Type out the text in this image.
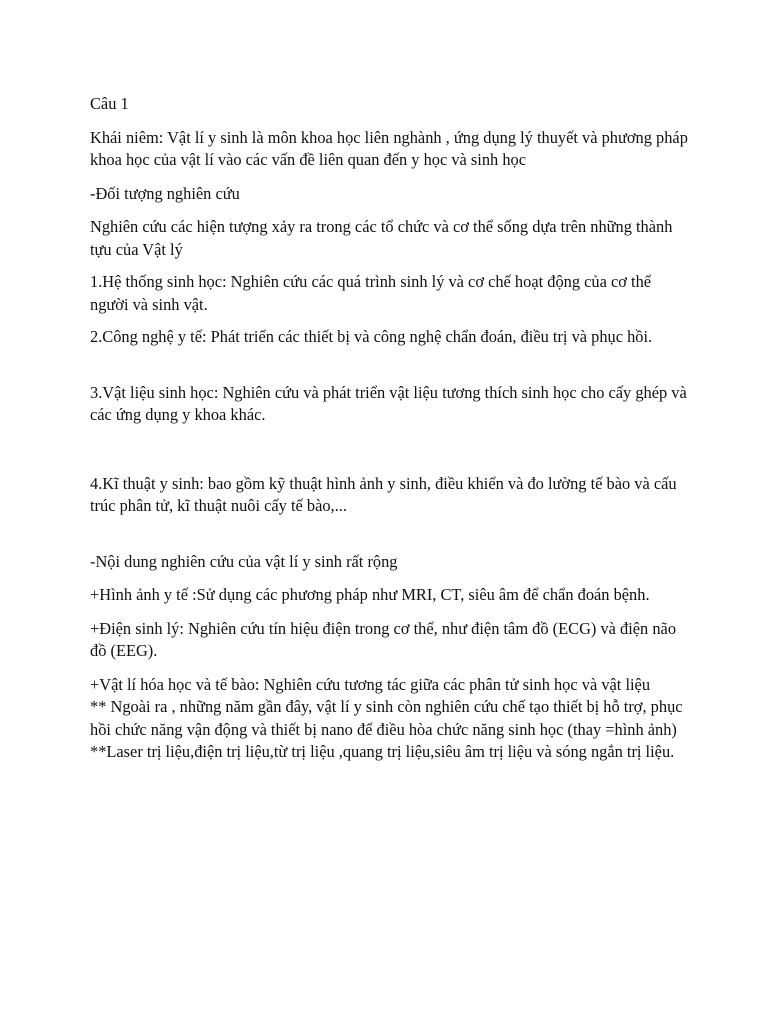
Câu 1

Khái niêm: Vật lí y sinh là môn khoa học liên nghành , ứng dụng lý thuyết và phương pháp khoa học của vật lí vào các vấn đề liên quan đến y học và sinh học

-Đối tượng nghiên cứu

Nghiên cứu các hiện tượng xảy ra trong các tổ chức và cơ thể sống dựa trên những thành tựu của Vật lý

1.Hệ thống sinh học: Nghiên cứu các quá trình sinh lý và cơ chế hoạt động của cơ thể người và sinh vật.

2.Công nghệ y tế: Phát triển các thiết bị và công nghệ chẩn đoán, điều trị và phục hồi.

3.Vật liệu sinh học: Nghiên cứu và phát triển vật liệu tương thích sinh học cho cấy ghép và các ứng dụng y khoa khác.

4.Kĩ thuật y sinh: bao gồm kỹ thuật hình ảnh y sinh, điều khiển và đo lường tế bào và cấu trúc phân tử, kĩ thuật nuôi cấy tế bào,...

-Nội dung nghiên cứu của vật lí y sinh rất rộng

+Hình ảnh y tế :Sử dụng các phương pháp như MRI, CT, siêu âm để chẩn đoán bệnh.

+Điện sinh lý: Nghiên cứu tín hiệu điện trong cơ thể, như điện tâm đồ (ECG) và điện não đồ (EEG).

+Vật lí hóa học và tế bào: Nghiên cứu tương tác giữa các phân tử sinh học và vật liệu

** Ngoài ra , những năm gần đây, vật lí y sinh còn nghiên cứu chế tạo thiết bị hỗ trợ, phục hồi chức năng vận động và thiết bị nano để điều hòa chức năng sinh học (thay =hình ảnh)

**Laser trị liệu,điện trị liệu,từ trị liệu ,quang trị liệu,siêu âm trị liệu và sóng ngắn trị liệu.
